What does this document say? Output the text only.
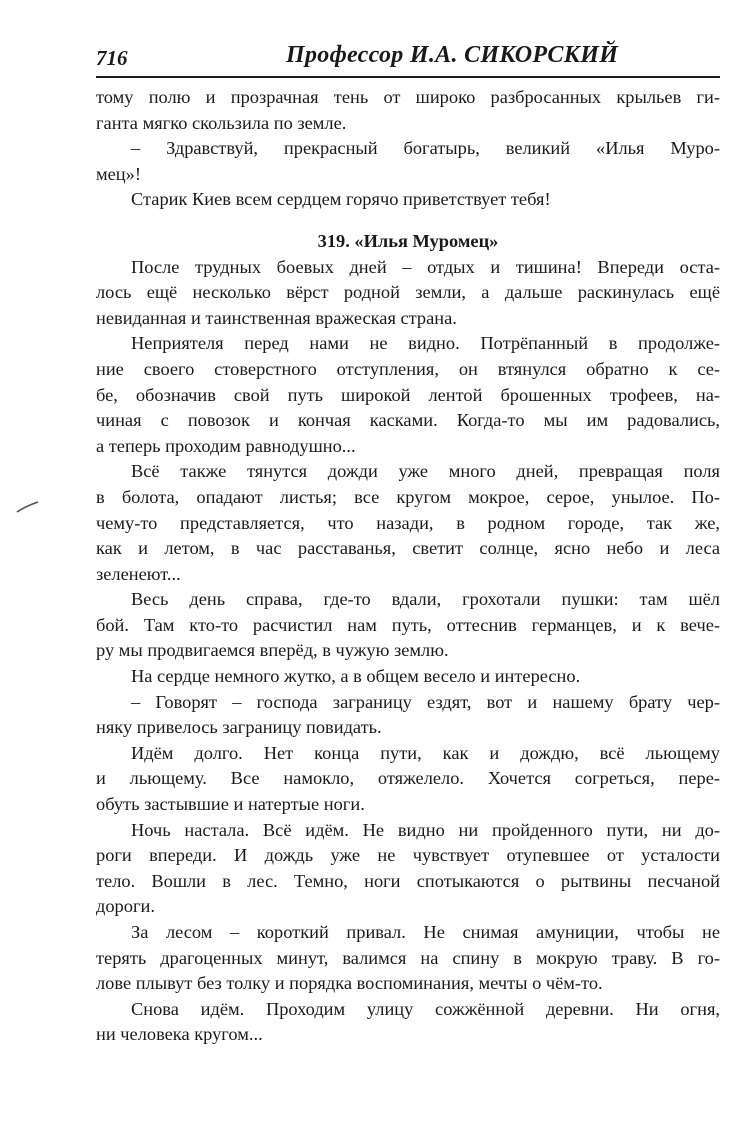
716	Профессор И.А. СИКОРСКИЙ
тому полю и прозрачная тень от широко разбросанных крыльев ги-
ганта мягко скользила по земле.
– Здравствуй, прекрасный богатырь, великий «Илья Муро-
мец»!
Старик Киев всем сердцем горячо приветствует тебя!
319. «Илья Муромец»
После трудных боевых дней – отдых и тишина! Впереди оста-
лось ещё несколько вёрст родной земли, а дальше раскинулась ещё
невиданная и таинственная вражеская страна.
Неприятеля перед нами не видно. Потрёпанный в продолже-
ние своего стоверстного отступления, он втянулся обратно к се-
бе, обозначив свой путь широкой лентой брошенных трофеев, на-
чиная с повозок и кончая касками. Когда-то мы им радовались,
а теперь проходим равнодушно...
Всё также тянутся дожди уже много дней, превращая поля
в болота, опадают листья; все кругом мокрое, серое, унылое. По-
чему-то представляется, что назади, в родном городе, так же,
как и летом, в час расставанья, светит солнце, ясно небо и леса
зеленеют...
Весь день справа, где-то вдали, грохотали пушки: там шёл
бой. Там кто-то расчистил нам путь, оттеснив германцев, и к вече-
ру мы продвигаемся вперёд, в чужую землю.
На сердце немного жутко, а в общем весело и интересно.
– Говорят – господа заграницу ездят, вот и нашему брату чер-
няку привелось заграницу повидать.
Идём долго. Нет конца пути, как и дождю, всё льющему
и льющему. Все намокло, отяжелело. Хочется согреться, пере-
обуть застывшие и натертые ноги.
Ночь настала. Всё идём. Не видно ни пройденного пути, ни до-
роги впереди. И дождь уже не чувствует отупевшее от усталости
тело. Вошли в лес. Темно, ноги спотыкаются о рытвины песчаной
дороги.
За лесом – короткий привал. Не снимая амуниции, чтобы не
терять драгоценных минут, валимся на спину в мокрую траву. В го-
лове плывут без толку и порядка воспоминания, мечты о чём-то.
Снова идём. Проходим улицу сожжённой деревни. Ни огня,
ни человека кругом...
